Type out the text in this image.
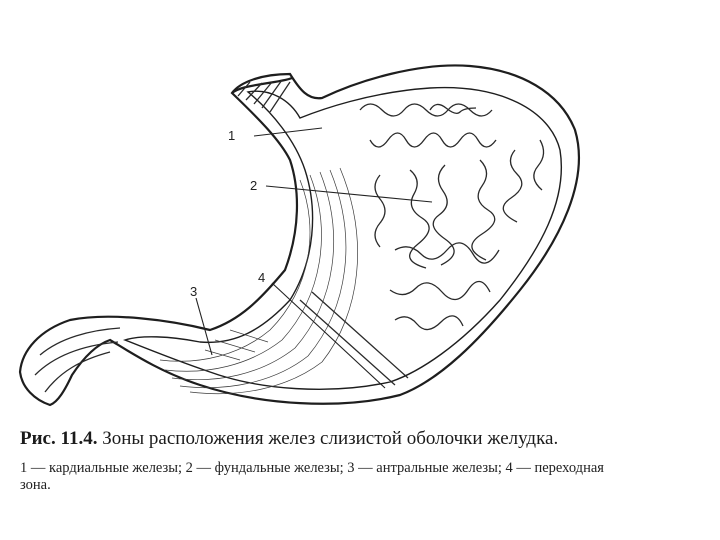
1
2
3
4
Рис. 11.4. Зоны расположения желез слизистой оболочки желудка.
1 — кардиальные железы; 2 — фундальные железы; 3 — антральные железы; 4 — переходная зона.
